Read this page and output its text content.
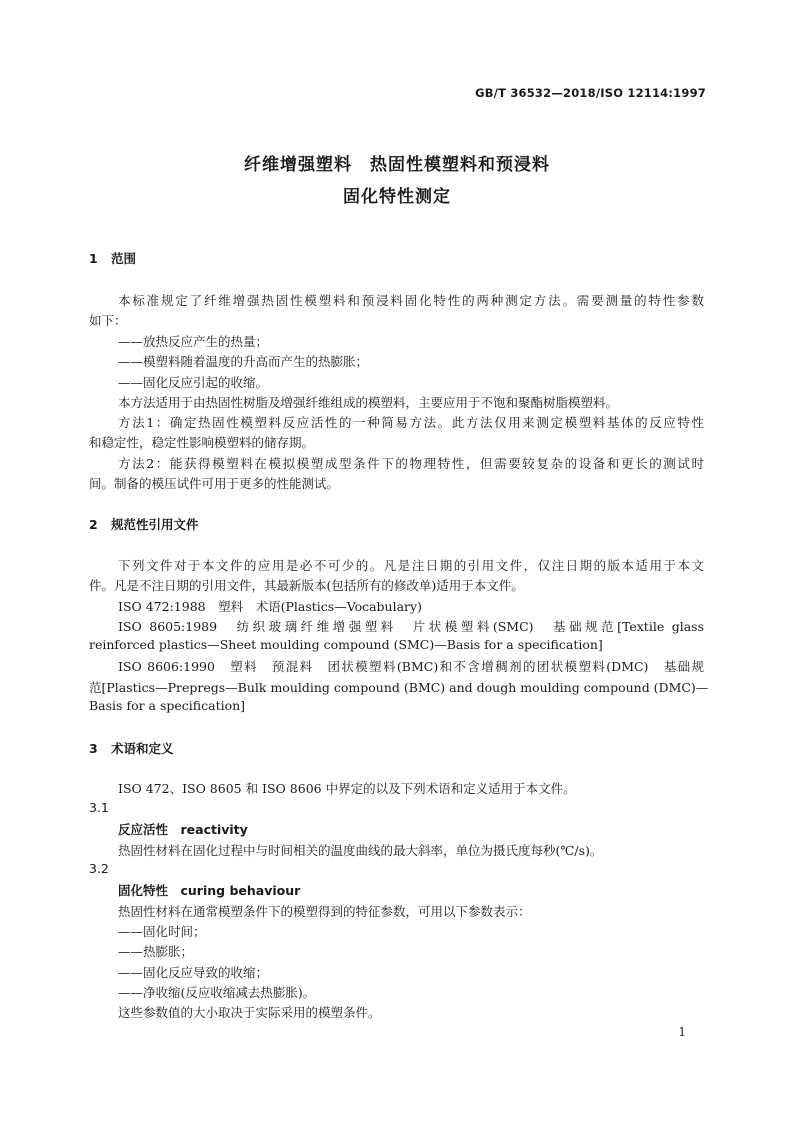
GB/T 36532—2018/ISO 12114:1997
纤维增强塑料　热固性模塑料和预浸料
固化特性测定
1 范围
本标准规定了纤维增强热固性模塑料和预浸料固化特性的两种测定方法。需要测量的特性参数
如下：
——放热反应产生的热量；
——模塑料随着温度的升高而产生的热膨胀；
——固化反应引起的收缩。
本方法适用于由热固性树脂及增强纤维组成的模塑料，主要应用于不饱和聚酯树脂模塑料。
方法1：确定热固性模塑料反应活性的一种简易方法。此方法仅用来测定模塑料基体的反应特性
和稳定性，稳定性影响模塑料的储存期。
方法2：能获得模塑料在模拟模塑成型条件下的物理特性，但需要较复杂的设备和更长的测试时
间。制备的模压试件可用于更多的性能测试。
2 规范性引用文件
下列文件对于本文件的应用是必不可少的。凡是注日期的引用文件，仅注日期的版本适用于本文
件。凡是不注日期的引用文件，其最新版本(包括所有的修改单)适用于本文件。
ISO 472:1988　塑料　术语(Plastics—Vocabulary)
ISO 8605:1989　纺织玻璃纤维增强塑料　片状模塑料(SMC)　基础规范[Textile glass
reinforced plastics—Sheet moulding compound (SMC)—Basis for a specification]
ISO 8606:1990　塑料　预混料　团状模塑料(BMC)和不含增稠剂的团状模塑料(DMC)　基础规
范[Plastics—Prepregs—Bulk moulding compound (BMC) and dough moulding compound (DMC)—
Basis for a specification]
3 术语和定义
ISO 472、ISO 8605 和 ISO 8606 中界定的以及下列术语和定义适用于本文件。
3.1
反应活性　reactivity
热固性材料在固化过程中与时间相关的温度曲线的最大斜率，单位为摄氏度每秒(℃/s)。
3.2
固化特性　curing behaviour
热固性材料在通常模塑条件下的模塑得到的特征参数，可用以下参数表示：
——固化时间；
——热膨胀；
——固化反应导致的收缩；
——净收缩(反应收缩减去热膨胀)。
这些参数值的大小取决于实际采用的模塑条件。
1
